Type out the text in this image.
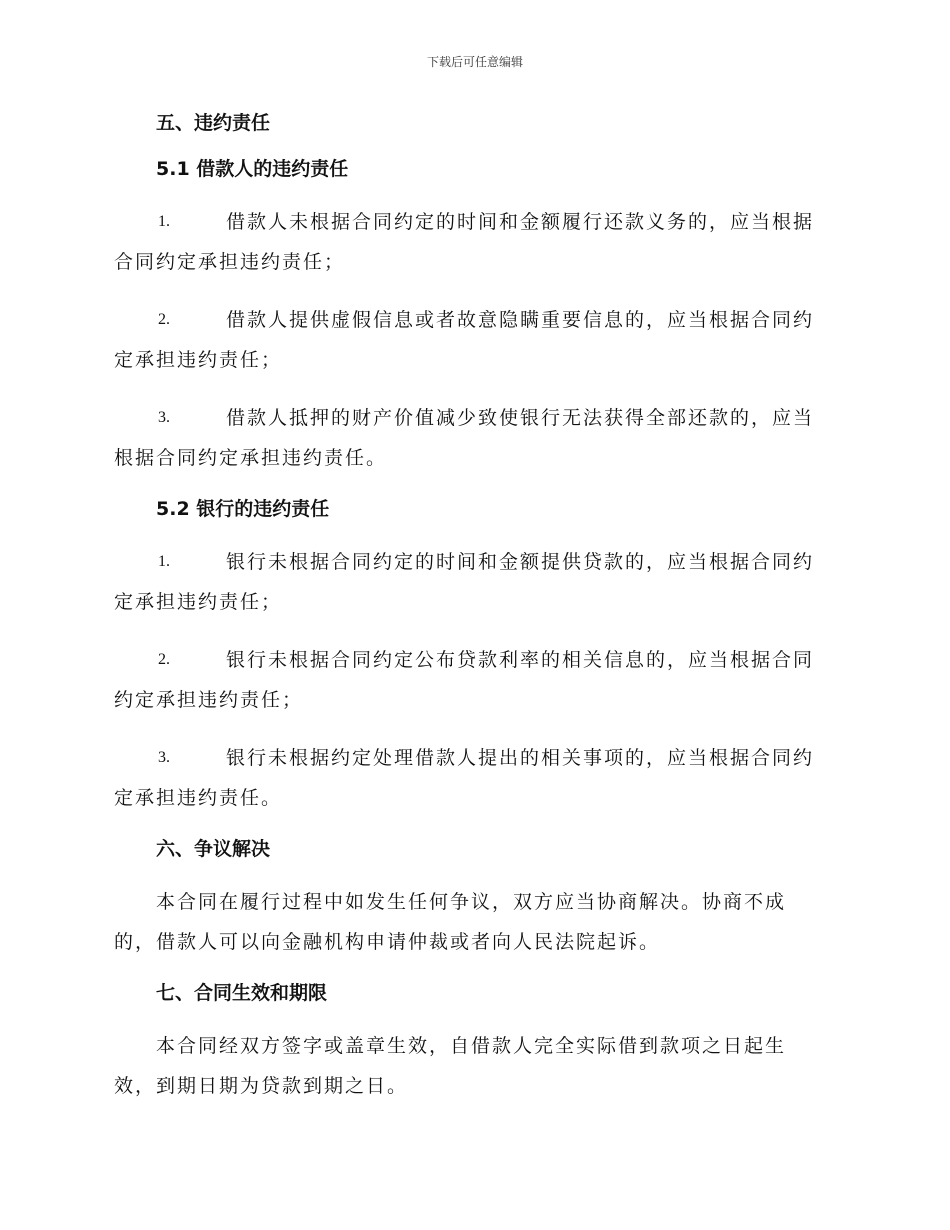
下载后可任意编辑
五、违约责任
5.1 借款人的违约责任
1.	借款人未根据合同约定的时间和金额履行还款义务的，应当根据
合同约定承担违约责任；
2.	借款人提供虚假信息或者故意隐瞒重要信息的，应当根据合同约
定承担违约责任；
3.	借款人抵押的财产价值减少致使银行无法获得全部还款的，应当
根据合同约定承担违约责任。
5.2 银行的违约责任
1.	银行未根据合同约定的时间和金额提供贷款的，应当根据合同约
定承担违约责任；
2.	银行未根据合同约定公布贷款利率的相关信息的，应当根据合同
约定承担违约责任；
3.	银行未根据约定处理借款人提出的相关事项的，应当根据合同约
定承担违约责任。
六、争议解决
本合同在履行过程中如发生任何争议，双方应当协商解决。协商不成
的，借款人可以向金融机构申请仲裁或者向人民法院起诉。
七、合同生效和期限
本合同经双方签字或盖章生效，自借款人完全实际借到款项之日起生
效，到期日期为贷款到期之日。
